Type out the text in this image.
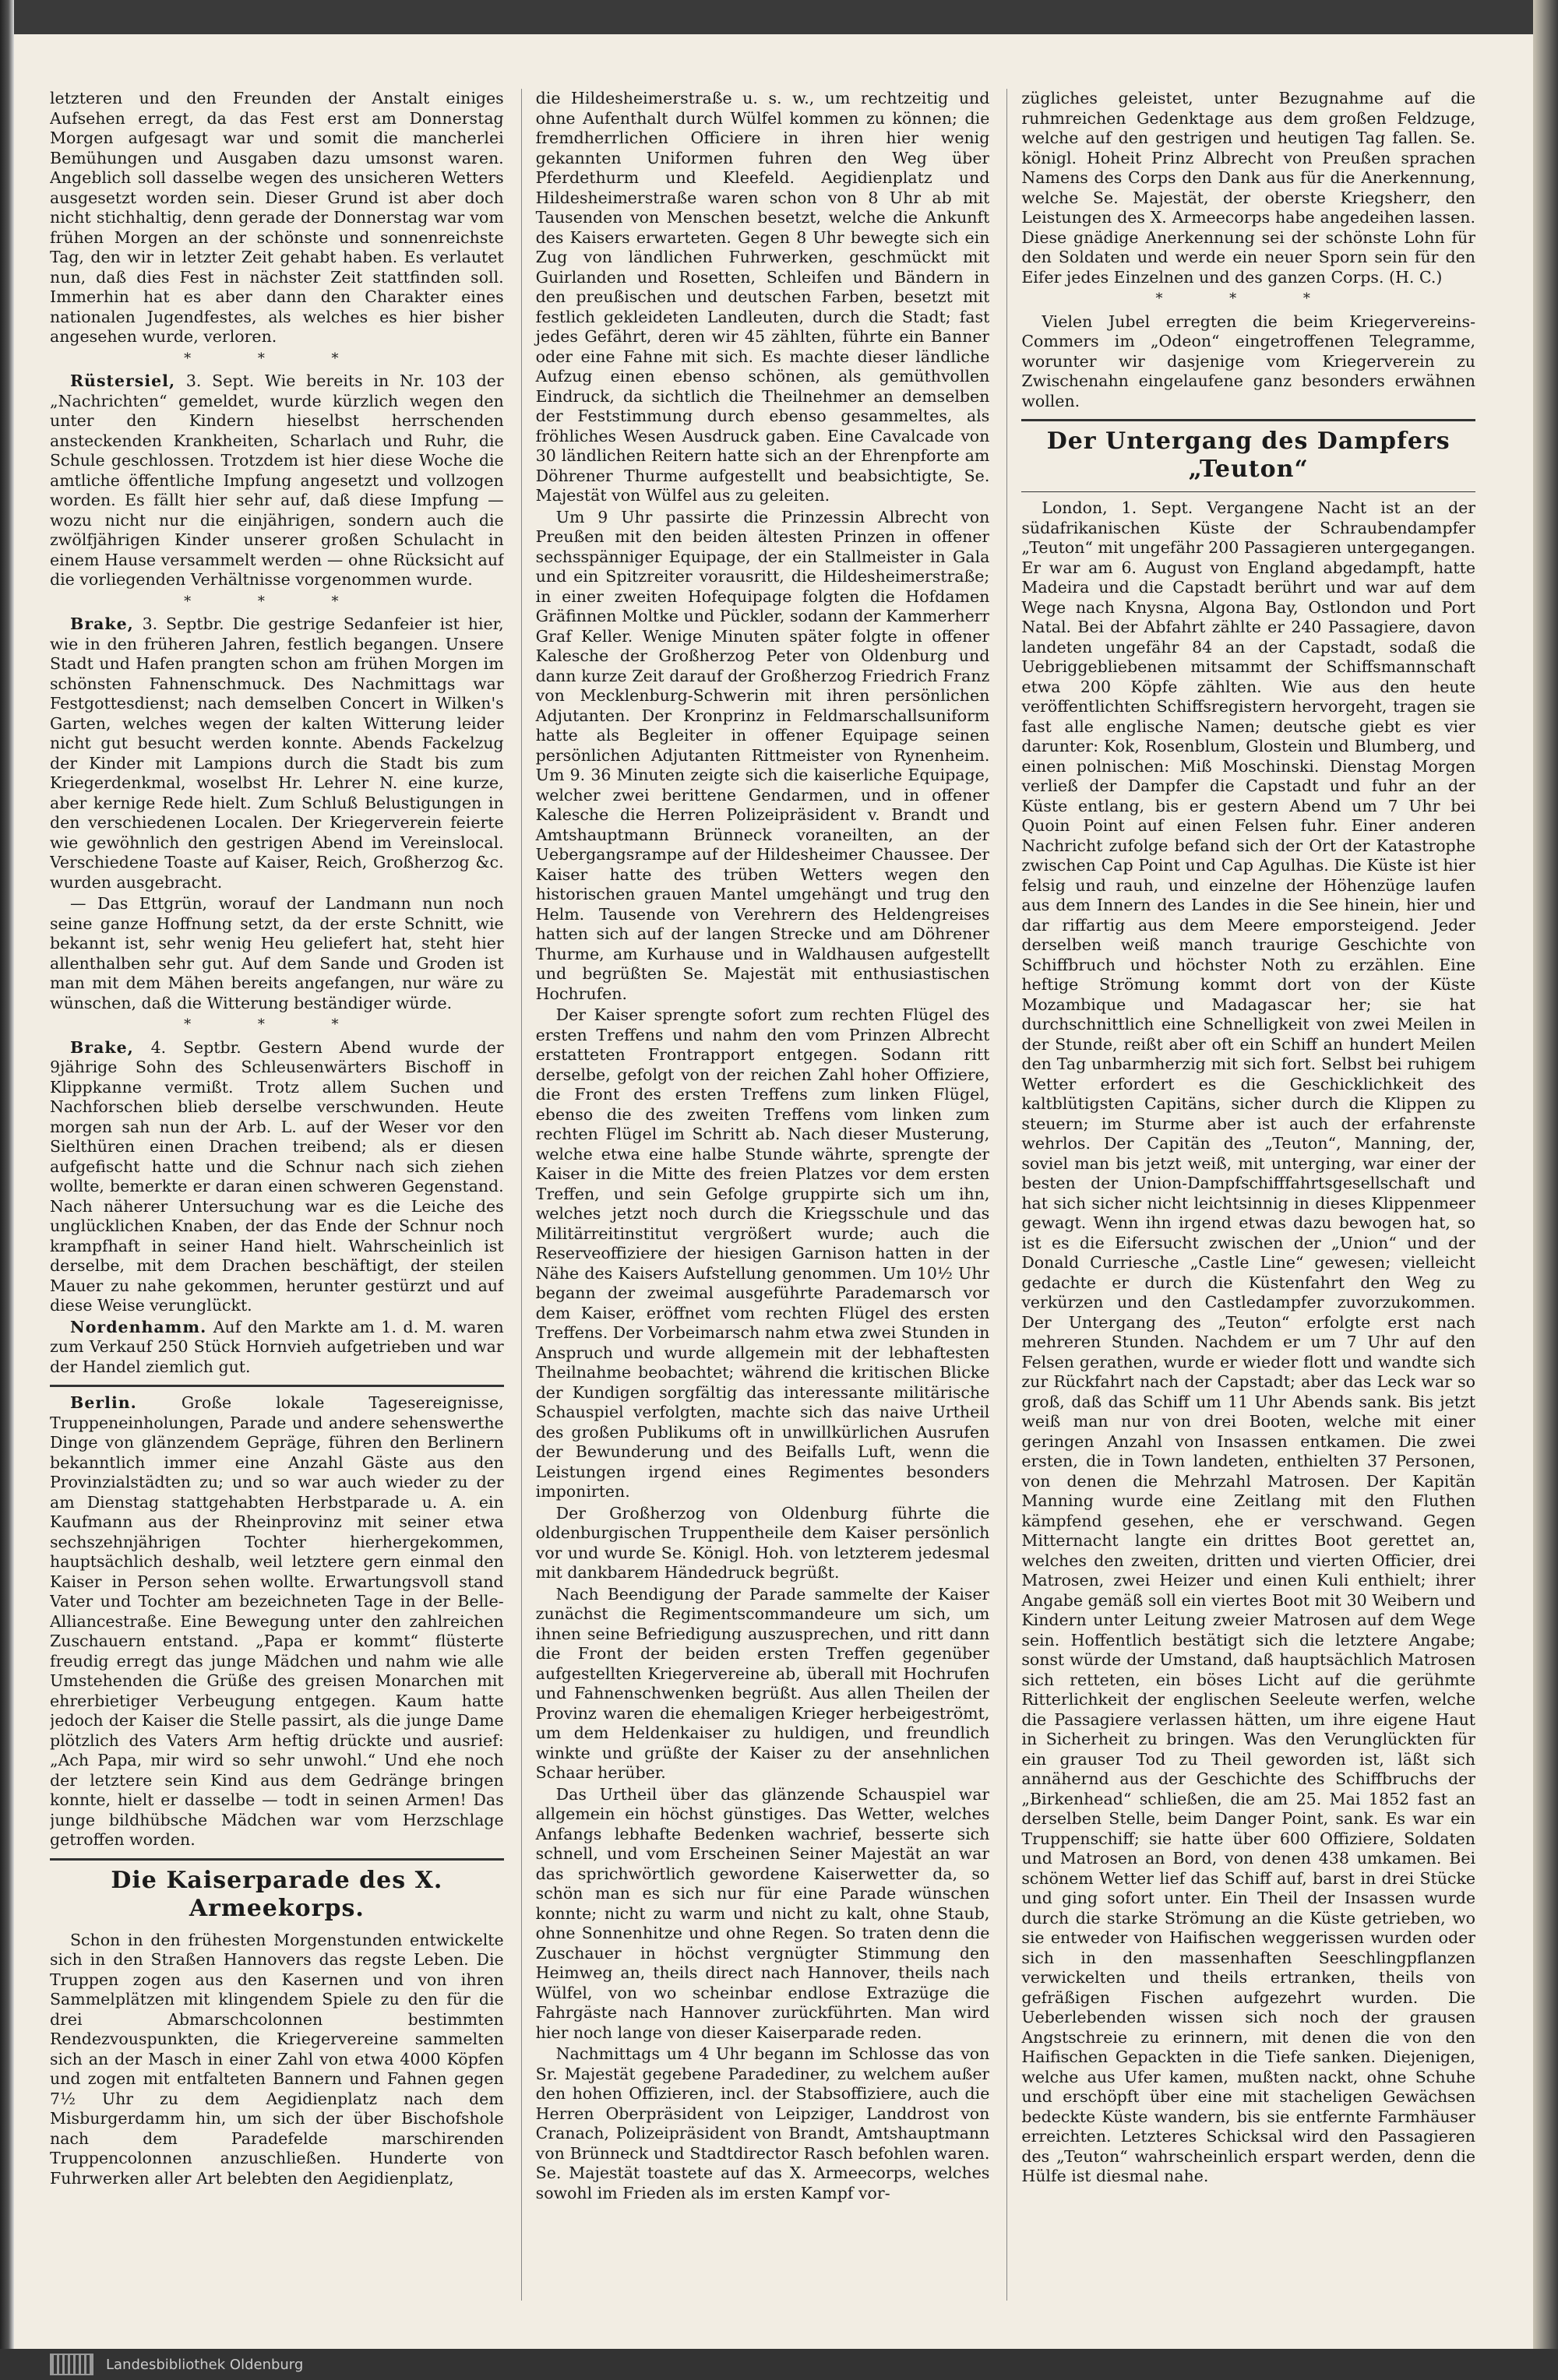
letzteren und den Freunden der Anstalt einiges Aufsehen erregt, da das Fest erst am Donnerstag Morgen aufgesagt war und somit die mancherlei Bemühungen und Ausgaben dazu umsonst waren. Angeblich soll dasselbe wegen des unsicheren Wetters ausgesetzt worden sein. Dieser Grund ist aber doch nicht stichhaltig, denn gerade der Donnerstag war vom frühen Morgen an der schönste und sonnenreichste Tag, den wir in letzter Zeit gehabt haben. Es verlautet nun, daß dies Fest in nächster Zeit stattfinden soll. Immerhin hat es aber dann den Charakter eines nationalen Jugendfestes, als welches es hier bisher angesehen wurde, verloren.

* * *

Rüstersiel, 3. Sept. Wie bereits in Nr. 103 der „Nachrichten“ gemeldet, wurde kürzlich wegen den unter den Kindern hieselbst herrschenden ansteckenden Krankheiten, Scharlach und Ruhr, die Schule geschlossen. Trotzdem ist hier diese Woche die amtliche öffentliche Impfung angesetzt und vollzogen worden. Es fällt hier sehr auf, daß diese Impfung — wozu nicht nur die einjährigen, sondern auch die zwölfjährigen Kinder unserer großen Schulacht in einem Hause versammelt werden — ohne Rücksicht auf die vorliegenden Verhältnisse vorgenommen wurde.

* * *

Brake, 3. Septbr. Die gestrige Sedanfeier ist hier, wie in den früheren Jahren, festlich begangen. Unsere Stadt und Hafen prangten schon am frühen Morgen im schönsten Fahnenschmuck. Des Nachmittags war Festgottesdienst; nach demselben Concert in Wilken's Garten, welches wegen der kalten Witterung leider nicht gut besucht werden konnte. Abends Fackelzug der Kinder mit Lampions durch die Stadt bis zum Kriegerdenkmal, woselbst Hr. Lehrer N. eine kurze, aber kernige Rede hielt. Zum Schluß Belustigungen in den verschiedenen Localen. Der Kriegerverein feierte wie gewöhnlich den gestrigen Abend im Vereinslocal. Verschiedene Toaste auf Kaiser, Reich, Großherzog &c. wurden ausgebracht.

— Das Ettgrün, worauf der Landmann nun noch seine ganze Hoffnung setzt, da der erste Schnitt, wie bekannt ist, sehr wenig Heu geliefert hat, steht hier allenthalben sehr gut. Auf dem Sande und Groden ist man mit dem Mähen bereits angefangen, nur wäre zu wünschen, daß die Witterung beständiger würde.

* * *

Brake, 4. Septbr. Gestern Abend wurde der 9jährige Sohn des Schleusenwärters Bischoff in Klippkanne vermißt. Trotz allem Suchen und Nachforschen blieb derselbe verschwunden. Heute morgen sah nun der Arb. L. auf der Weser vor den Sielthüren einen Drachen treibend; als er diesen aufgefischt hatte und die Schnur nach sich ziehen wollte, bemerkte er daran einen schweren Gegenstand. Nach näherer Untersuchung war es die Leiche des unglücklichen Knaben, der das Ende der Schnur noch krampfhaft in seiner Hand hielt. Wahrscheinlich ist derselbe, mit dem Drachen beschäftigt, der steilen Mauer zu nahe gekommen, herunter gestürzt und auf diese Weise verunglückt.

Nordenhamm. Auf den Markte am 1. d. M. waren zum Verkauf 250 Stück Hornvieh aufgetrieben und war der Handel ziemlich gut.

Berlin.	Große lokale Tagesereignisse, Truppeneinholungen, Parade und andere sehenswerthe Dinge von glänzendem Gepräge, führen den Berlinern bekanntlich immer eine Anzahl Gäste aus den Provinzialstädten zu; und so war auch wieder zu der am Dienstag stattgehabten Herbstparade u. A. ein Kaufmann aus der Rheinprovinz mit seiner etwa sechszehnjährigen Tochter hierhergekommen, hauptsächlich deshalb, weil letztere gern einmal den Kaiser in Person sehen wollte. Erwartungsvoll stand Vater und Tochter am bezeichneten Tage in der Belle-Alliancestraße. Eine Bewegung unter den zahlreichen Zuschauern entstand. „Papa er kommt“ flüsterte freudig erregt das junge Mädchen und nahm wie alle Umstehenden die Grüße des greisen Monarchen mit ehrerbietiger Verbeugung entgegen. Kaum hatte jedoch der Kaiser die Stelle passirt, als die junge Dame plötzlich des Vaters Arm heftig drückte und ausrief: „Ach Papa, mir wird so sehr unwohl.“ Und ehe noch der letztere sein Kind aus dem Gedränge bringen konnte, hielt er dasselbe — todt in seinen Armen! Das junge bildhübsche Mädchen war vom Herzschlage getroffen worden.

Die Kaiserparade des X. Armeekorps.

Schon in den frühesten Morgenstunden entwickelte sich in den Straßen Hannovers das regste Leben. Die Truppen zogen aus den Kasernen und von ihren Sammelplätzen mit klingendem Spiele zu den für die drei Abmarschcolonnen bestimmten Rendezvouspunkten, die Kriegervereine sammelten sich an der Masch in einer Zahl von etwa 4000 Köpfen und zogen mit entfalteten Bannern und Fahnen gegen 7½ Uhr zu dem Aegidienplatz nach dem Misburgerdamm hin, um sich der über Bischofshole nach dem Paradefelde marschirenden Truppencolonnen anzuschließen. Hunderte von Fuhrwerken aller Art belebten den Aegidienplatz,

die Hildesheimerstraße u. s. w., um rechtzeitig und ohne Aufenthalt durch Wülfel kommen zu können; die fremdherrlichen Officiere in ihren hier wenig gekannten Uniformen fuhren den Weg über Pferdethurm und Kleefeld. Aegidienplatz und Hildesheimerstraße waren schon von 8 Uhr ab mit Tausenden von Menschen besetzt, welche die Ankunft des Kaisers erwarteten. Gegen 8 Uhr bewegte sich ein Zug von ländlichen Fuhrwerken, geschmückt mit Guirlanden und Rosetten, Schleifen und Bändern in den preußischen und deutschen Farben, besetzt mit festlich gekleideten Landleuten, durch die Stadt; fast jedes Gefährt, deren wir 45 zählten, führte ein Banner oder eine Fahne mit sich. Es machte dieser ländliche Aufzug einen ebenso schönen, als gemüthvollen Eindruck, da sichtlich die Theilnehmer an demselben der Feststimmung durch ebenso gesammeltes, als fröhliches Wesen Ausdruck gaben. Eine Cavalcade von 30 ländlichen Reitern hatte sich an der Ehrenpforte am Döhrener Thurme aufgestellt und beabsichtigte, Se. Majestät von Wülfel aus zu geleiten.

Um 9 Uhr passirte die Prinzessin Albrecht von Preußen mit den beiden ältesten Prinzen in offener sechsspänniger Equipage, der ein Stallmeister in Gala und ein Spitzreiter vorausritt, die Hildesheimerstraße; in einer zweiten Hofequipage folgten die Hofdamen Gräfinnen Moltke und Pückler, sodann der Kammerherr Graf Keller. Wenige Minuten später folgte in offener Kalesche der Großherzog Peter von Oldenburg und dann kurze Zeit darauf der Großherzog Friedrich Franz von Mecklenburg-Schwerin mit ihren persönlichen Adjutanten. Der Kronprinz in Feldmarschallsuniform hatte als Begleiter in offener Equipage seinen persönlichen Adjutanten Rittmeister von Rynenheim. Um 9. 36 Minuten zeigte sich die kaiserliche Equipage, welcher zwei berittene Gendarmen, und in offener Kalesche die Herren Polizeipräsident v. Brandt und Amtshauptmann Brünneck voraneilten, an der Uebergangsrampe auf der Hildesheimer Chaussee. Der Kaiser hatte des trüben Wetters wegen den historischen grauen Mantel umgehängt und trug den Helm. Tausende von Verehrern des Heldengreises hatten sich auf der langen Strecke und am Döhrener Thurme, am Kurhause und in Waldhausen aufgestellt und begrüßten Se. Majestät mit enthusiastischen Hochrufen.

Der Kaiser sprengte sofort zum rechten Flügel des ersten Treffens und nahm den vom Prinzen Albrecht erstatteten Frontrapport entgegen. Sodann ritt derselbe, gefolgt von der reichen Zahl hoher Offiziere, die Front des ersten Treffens zum linken Flügel, ebenso die des zweiten Treffens vom linken zum rechten Flügel im Schritt ab. Nach dieser Musterung, welche etwa eine halbe Stunde währte, sprengte der Kaiser in die Mitte des freien Platzes vor dem ersten Treffen, und sein Gefolge gruppirte sich um ihn, welches jetzt noch durch die Kriegsschule und das Militärreitinstitut vergrößert wurde; auch die Reserveoffiziere der hiesigen Garnison hatten in der Nähe des Kaisers Aufstellung genommen. Um 10½ Uhr begann der zweimal ausgeführte Parademarsch vor dem Kaiser, eröffnet vom rechten Flügel des ersten Treffens. Der Vorbeimarsch nahm etwa zwei Stunden in Anspruch und wurde allgemein mit der lebhaftesten Theilnahme beobachtet; während die kritischen Blicke der Kundigen sorgfältig das interessante militärische Schauspiel verfolgten, machte sich das naive Urtheil des großen Publikums oft in unwillkürlichen Ausrufen der Bewunderung und des Beifalls Luft, wenn die Leistungen irgend eines Regimentes besonders imponirten.

Der Großherzog von Oldenburg führte die oldenburgischen Truppentheile dem Kaiser persönlich vor und wurde Se. Königl. Hoh. von letzterem jedesmal mit dankbarem Händedruck begrüßt.

Nach Beendigung der Parade sammelte der Kaiser zunächst die Regimentscommandeure um sich, um ihnen seine Befriedigung auszusprechen, und ritt dann die Front der beiden ersten Treffen gegenüber aufgestellten Kriegervereine ab, überall mit Hochrufen und Fahnenschwenken begrüßt. Aus allen Theilen der Provinz waren die ehemaligen Krieger herbeigeströmt, um dem Heldenkaiser zu huldigen, und freundlich winkte und grüßte der Kaiser zu der ansehnlichen Schaar herüber.

Das Urtheil über das glänzende Schauspiel war allgemein ein höchst günstiges. Das Wetter, welches Anfangs lebhafte Bedenken wachrief, besserte sich schnell, und vom Erscheinen Seiner Majestät an war das sprichwörtlich gewordene Kaiserwetter da, so schön man es sich nur für eine Parade wünschen konnte; nicht zu warm und nicht zu kalt, ohne Staub, ohne Sonnenhitze und ohne Regen. So traten denn die Zuschauer in höchst vergnügter Stimmung den Heimweg an, theils direct nach Hannover, theils nach Wülfel, von wo scheinbar endlose Extrazüge die Fahrgäste nach Hannover zurückführten. Man wird hier noch lange von dieser Kaiserparade reden.

Nachmittags um 4 Uhr begann im Schlosse das von Sr. Majestät gegebene Paradediner, zu welchem außer den hohen Offizieren, incl. der Stabsoffiziere, auch die Herren Oberpräsident von Leipziger, Landdrost von Cranach, Polizeipräsident von Brandt, Amtshauptmann von Brünneck und Stadtdirector Rasch befohlen waren. Se. Majestät toastete auf das X. Armeecorps, welches sowohl im Frieden als im ersten Kampf vor-

zügliches geleistet, unter Bezugnahme auf die ruhmreichen Gedenktage aus dem großen Feldzuge, welche auf den gestrigen und heutigen Tag fallen. Se. königl. Hoheit Prinz Albrecht von Preußen sprachen Namens des Corps den Dank aus für die Anerkennung, welche Se. Majestät, der oberste Kriegsherr, den Leistungen des X. Armeecorps habe angedeihen lassen. Diese gnädige Anerkennung sei der schönste Lohn für den Soldaten und werde ein neuer Sporn sein für den Eifer jedes Einzelnen und des ganzen Corps. (H. C.)

* * *

Vielen Jubel erregten die beim Kriegervereins-Commers im „Odeon“ eingetroffenen Telegramme, worunter wir dasjenige vom Kriegerverein zu Zwischenahn eingelaufene ganz besonders erwähnen wollen.

Der Untergang des Dampfers
„Teuton“

London, 1. Sept. Vergangene Nacht ist an der südafrikanischen Küste der Schraubendampfer „Teuton“ mit ungefähr 200 Passagieren untergegangen. Er war am 6. August von England abgedampft, hatte Madeira und die Capstadt berührt und war auf dem Wege nach Knysna, Algona Bay, Ostlondon und Port Natal. Bei der Abfahrt zählte er 240 Passagiere, davon landeten ungefähr 84 an der Capstadt, sodaß die Uebriggebliebenen mitsammt der Schiffsmannschaft etwa 200 Köpfe zählten. Wie aus den heute veröffentlichten Schiffsregistern hervorgeht, tragen sie fast alle englische Namen; deutsche giebt es vier darunter: Kok, Rosenblum, Glostein und Blumberg, und einen polnischen: Miß Moschinski. Dienstag Morgen verließ der Dampfer die Capstadt und fuhr an der Küste entlang, bis er gestern Abend um 7 Uhr bei Quoin Point auf einen Felsen fuhr. Einer anderen Nachricht zufolge befand sich der Ort der Katastrophe zwischen Cap Point und Cap Agulhas. Die Küste ist hier felsig und rauh, und einzelne der Höhenzüge laufen aus dem Innern des Landes in die See hinein, hier und dar riffartig aus dem Meere emporsteigend. Jeder derselben weiß manch traurige Geschichte von Schiffbruch und höchster Noth zu erzählen. Eine heftige Strömung kommt dort von der Küste Mozambique und Madagascar her; sie hat durchschnittlich eine Schnelligkeit von zwei Meilen in der Stunde, reißt aber oft ein Schiff an hundert Meilen den Tag unbarmherzig mit sich fort. Selbst bei ruhigem Wetter erfordert es die Geschicklichkeit des kaltblütigsten Capitäns, sicher durch die Klippen zu steuern; im Sturme aber ist auch der erfahrenste wehrlos. Der Capitän des „Teuton“, Manning, der, soviel man bis jetzt weiß, mit unterging, war einer der besten der Union-Dampfschifffahrtsgesellschaft und hat sich sicher nicht leichtsinnig in dieses Klippenmeer gewagt. Wenn ihn irgend etwas dazu bewogen hat, so ist es die Eifersucht zwischen der „Union“ und der Donald Curriesche „Castle Line“ gewesen; vielleicht gedachte er durch die Küstenfahrt den Weg zu verkürzen und den Castledampfer zuvorzukommen. Der Untergang des „Teuton“ erfolgte erst nach mehreren Stunden. Nachdem er um 7 Uhr auf den Felsen gerathen, wurde er wieder flott und wandte sich zur Rückfahrt nach der Capstadt; aber das Leck war so groß, daß das Schiff um 11 Uhr Abends sank. Bis jetzt weiß man nur von drei Booten, welche mit einer geringen Anzahl von Insassen entkamen. Die zwei ersten, die in Town landeten, enthielten 37 Personen, von denen die Mehrzahl Matrosen. Der Kapitän Manning wurde eine Zeitlang mit den Fluthen kämpfend gesehen, ehe er verschwand. Gegen Mitternacht langte ein drittes Boot gerettet an, welches den zweiten, dritten und vierten Officier, drei Matrosen, zwei Heizer und einen Kuli enthielt; ihrer Angabe gemäß soll ein viertes Boot mit 30 Weibern und Kindern unter Leitung zweier Matrosen auf dem Wege sein. Hoffentlich bestätigt sich die letztere Angabe; sonst würde der Umstand, daß hauptsächlich Matrosen sich retteten, ein böses Licht auf die gerühmte Ritterlichkeit der englischen Seeleute werfen, welche die Passagiere verlassen hätten, um ihre eigene Haut in Sicherheit zu bringen. Was den Verunglückten für ein grauser Tod zu Theil geworden ist, läßt sich annähernd aus der Geschichte des Schiffbruchs der „Birkenhead“ schließen, die am 25. Mai 1852 fast an derselben Stelle, beim Danger Point, sank. Es war ein Truppenschiff; sie hatte über 600 Offiziere, Soldaten und Matrosen an Bord, von denen 438 umkamen. Bei schönem Wetter lief das Schiff auf, barst in drei Stücke und ging sofort unter. Ein Theil der Insassen wurde durch die starke Strömung an die Küste getrieben, wo sie entweder von Haifischen weggerissen wurden oder sich in den massenhaften Seeschlingpflanzen verwickelten und theils ertranken, theils von gefräßigen Fischen aufgezehrt wurden. Die Ueberlebenden wissen sich noch der grausen Angstschreie zu erinnern, mit denen die von den Haifischen Gepackten in die Tiefe sanken. Diejenigen, welche aus Ufer kamen, mußten nackt, ohne Schuhe und erschöpft über eine mit stacheligen Gewächsen bedeckte Küste wandern, bis sie entfernte Farmhäuser erreichten. Letzteres Schicksal wird den Passagieren des „Teuton“ wahrscheinlich erspart werden, denn die Hülfe ist diesmal nahe.

Landesbibliothek Oldenburg
